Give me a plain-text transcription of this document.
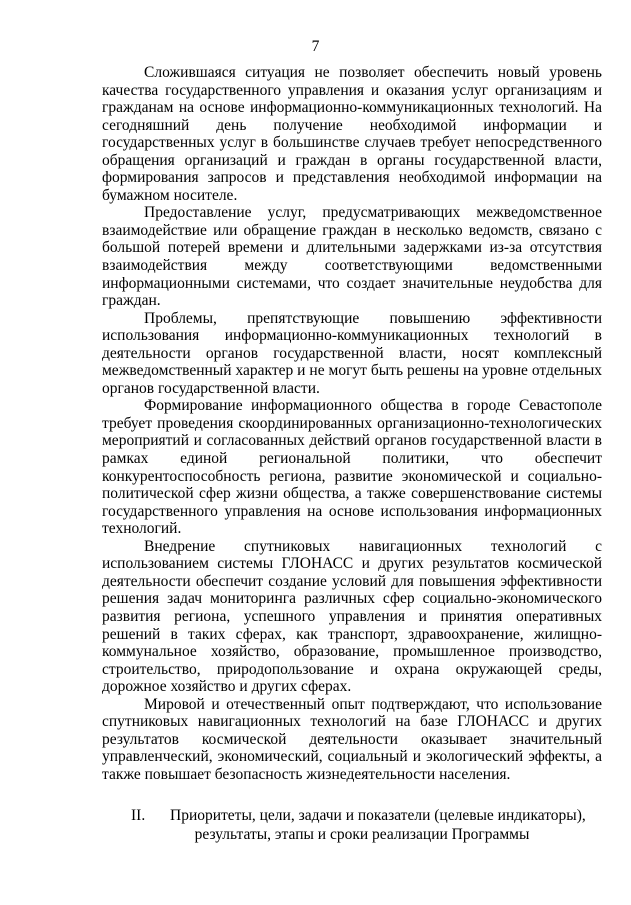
7

Сложившаяся ситуация не позволяет обеспечить новый уровень качества государственного управления и оказания услуг организациям и гражданам на основе информационно-коммуникационных технологий. На сегодняшний день получение необходимой информации и государственных услуг в большинстве случаев требует непосредственного обращения организаций и граждан в органы государственной власти, формирования запросов и представления необходимой информации на бумажном носителе.

Предоставление услуг, предусматривающих межведомственное взаимодействие или обращение граждан в несколько ведомств, связано с большой потерей времени и длительными задержками из-за отсутствия взаимодействия между соответствующими ведомственными информационными системами, что создает значительные неудобства для граждан.

Проблемы, препятствующие повышению эффективности использования информационно-коммуникационных технологий в деятельности органов государственной власти, носят комплексный межведомственный характер и не могут быть решены на уровне отдельных органов государственной власти.

Формирование информационного общества в городе Севастополе требует проведения скоординированных организационно-технологических мероприятий и согласованных действий органов государственной власти в рамках единой региональной политики, что обеспечит конкурентоспособность региона, развитие экономической и социально-политической сфер жизни общества, а также совершенствование системы государственного управления на основе использования информационных технологий.

Внедрение спутниковых навигационных технологий с использованием системы ГЛОНАСС и других результатов космической деятельности обеспечит создание условий для повышения эффективности решения задач мониторинга различных сфер социально-экономического развития региона, успешного управления и принятия оперативных решений в таких сферах, как транспорт, здравоохранение, жилищно-коммунальное хозяйство, образование, промышленное производство, строительство, природопользование и охрана окружающей среды, дорожное хозяйство и других сферах.

Мировой и отечественный опыт подтверждают, что использование спутниковых навигационных технологий на базе ГЛОНАСС и других результатов космической деятельности оказывает значительный управленческий, экономический, социальный и экологический эффекты, а также повышает безопасность жизнедеятельности населения.

II.	Приоритеты, цели, задачи и показатели (целевые индикаторы),
результаты, этапы и сроки реализации Программы
